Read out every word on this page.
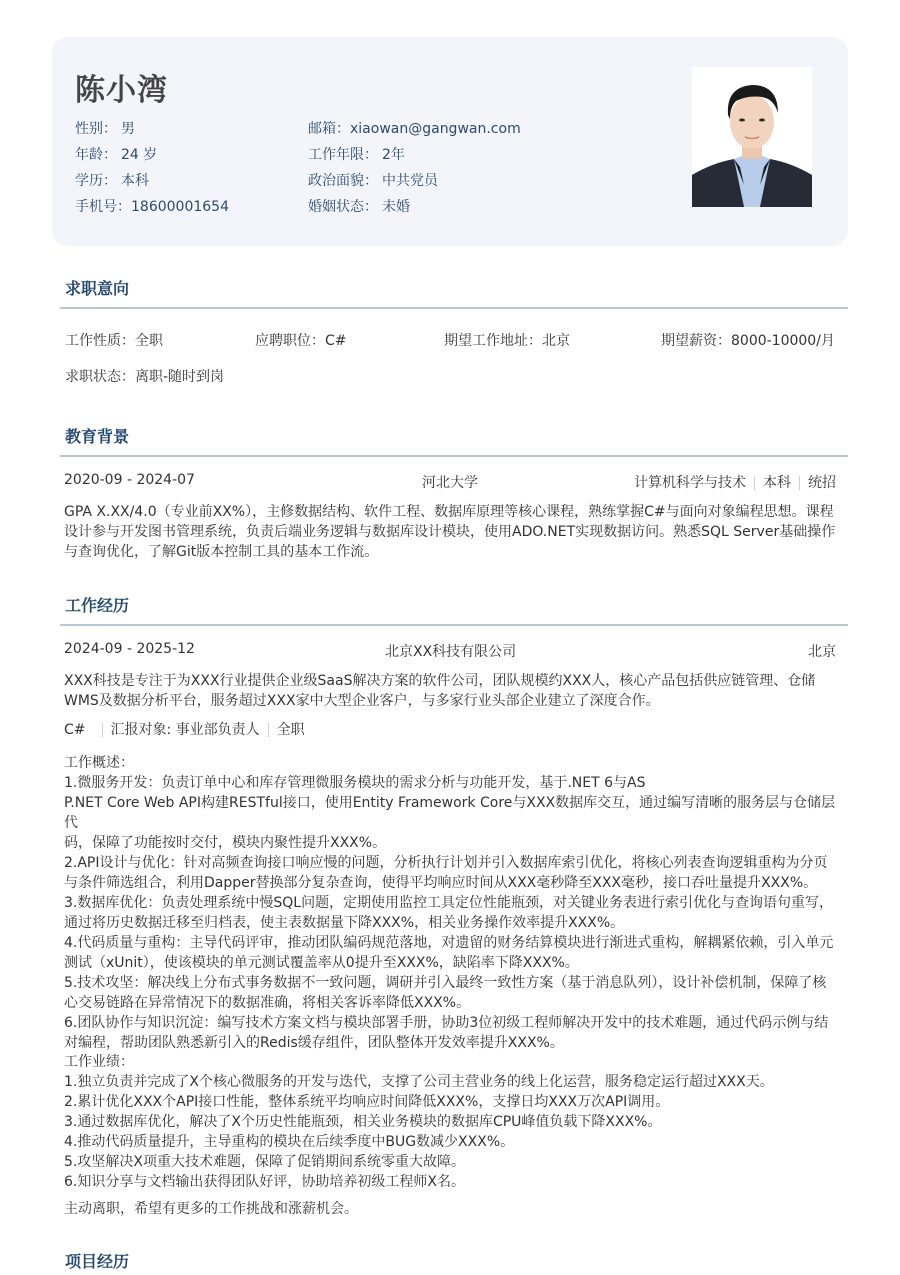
陈小湾
性别： 男
年龄： 24 岁
学历： 本科
手机号：18600001654
邮箱：xiaowan@gangwan.com
工作年限： 2年
政治面貌： 中共党员
婚姻状态： 未婚
求职意向
工作性质：全职	应聘职位：C#	期望工作地址：北京	期望薪资：8000-10000/月
求职状态：离职-随时到岗
教育背景
2020-09 - 2024-07	河北大学	计算机科学与技术 本科 统招
GPA X.XX/4.0（专业前XX%），主修数据结构、软件工程、数据库原理等核心课程，熟练掌握C#与面向对象编程思想。课程
设计参与开发图书管理系统，负责后端业务逻辑与数据库设计模块，使用ADO.NET实现数据访问。熟悉SQL Server基础操作
与查询优化，了解Git版本控制工具的基本工作流。
工作经历
2024-09 - 2025-12	北京XX科技有限公司	北京
XXX科技是专注于为XXX行业提供企业级SaaS解决方案的软件公司，团队规模约XXX人，核心产品包括供应链管理、仓储
WMS及数据分析平台，服务超过XXX家中大型企业客户，与多家行业头部企业建立了深度合作。
C# 汇报对象: 事业部负责人 全职
工作概述：
1.微服务开发：负责订单中心和库存管理微服务模块的需求分析与功能开发，基于.NET 6与AS
P.NET Core Web API构建RESTful接口，使用Entity Framework Core与XXX数据库交互，通过编写清晰的服务层与仓储层代
码，保障了功能按时交付，模块内聚性提升XXX%。
2.API设计与优化：针对高频查询接口响应慢的问题，分析执行计划并引入数据库索引优化，将核心列表查询逻辑重构为分页
与条件筛选组合，利用Dapper替换部分复杂查询，使得平均响应时间从XXX毫秒降至XXX毫秒，接口吞吐量提升XXX%。
3.数据库优化：负责处理系统中慢SQL问题，定期使用监控工具定位性能瓶颈，对关键业务表进行索引优化与查询语句重写，
通过将历史数据迁移至归档表，使主表数据量下降XXX%，相关业务操作效率提升XXX%。
4.代码质量与重构：主导代码评审，推动团队编码规范落地，对遗留的财务结算模块进行渐进式重构，解耦紧依赖，引入单元
测试（xUnit），使该模块的单元测试覆盖率从0提升至XXX%，缺陷率下降XXX%。
5.技术攻坚：解决线上分布式事务数据不一致问题，调研并引入最终一致性方案（基于消息队列），设计补偿机制，保障了核
心交易链路在异常情况下的数据准确，将相关客诉率降低XXX%。
6.团队协作与知识沉淀：编写技术方案文档与模块部署手册，协助3位初级工程师解决开发中的技术难题，通过代码示例与结
对编程，帮助团队熟悉新引入的Redis缓存组件，团队整体开发效率提升XXX%。
工作业绩：
1.独立负责并完成了X个核心微服务的开发与迭代，支撑了公司主营业务的线上化运营，服务稳定运行超过XXX天。
2.累计优化XXX个API接口性能，整体系统平均响应时间降低XXX%，支撑日均XXX万次API调用。
3.通过数据库优化，解决了X个历史性能瓶颈，相关业务模块的数据库CPU峰值负载下降XXX%。
4.推动代码质量提升，主导重构的模块在后续季度中BUG数减少XXX%。
5.攻坚解决X项重大技术难题，保障了促销期间系统零重大故障。
6.知识分享与文档输出获得团队好评，协助培养初级工程师X名。
主动离职，希望有更多的工作挑战和涨薪机会。
项目经历
